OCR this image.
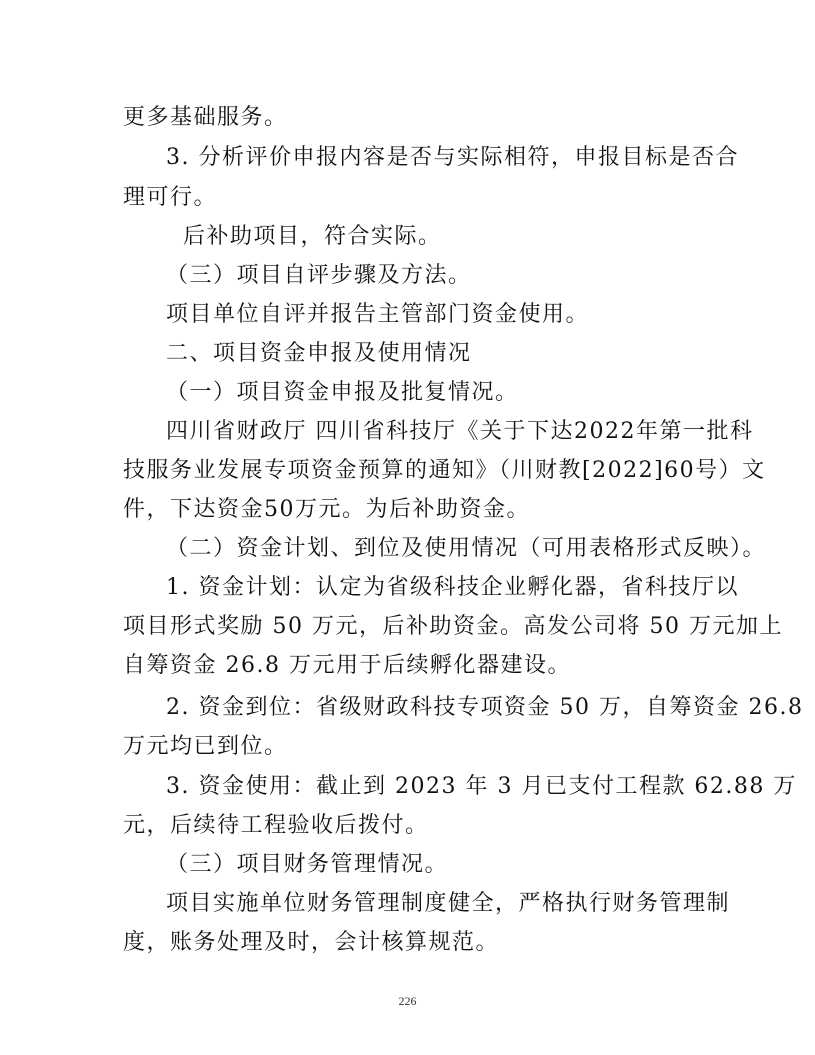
更多基础服务。
3. 分析评价申报内容是否与实际相符，申报目标是否合
理可行。
后补助项目，符合实际。
（三）项目自评步骤及方法。
项目单位自评并报告主管部门资金使用。
二、项目资金申报及使用情况
（一）项目资金申报及批复情况。
四川省财政厅 四川省科技厅《关于下达2022年第一批科
技服务业发展专项资金预算的通知》（川财教[2022]60号）文
件，下达资金50万元。为后补助资金。
（二）资金计划、到位及使用情况（可用表格形式反映）。
1. 资金计划：认定为省级科技企业孵化器，省科技厅以
项目形式奖励 50 万元，后补助资金。高发公司将 50 万元加上
自筹资金 26.8 万元用于后续孵化器建设。
2. 资金到位：省级财政科技专项资金 50 万，自筹资金 26.8
万元均已到位。
3. 资金使用：截止到 2023 年 3 月已支付工程款 62.88 万
元，后续待工程验收后拨付。
（三）项目财务管理情况。
项目实施单位财务管理制度健全，严格执行财务管理制
度，账务处理及时，会计核算规范。
226
